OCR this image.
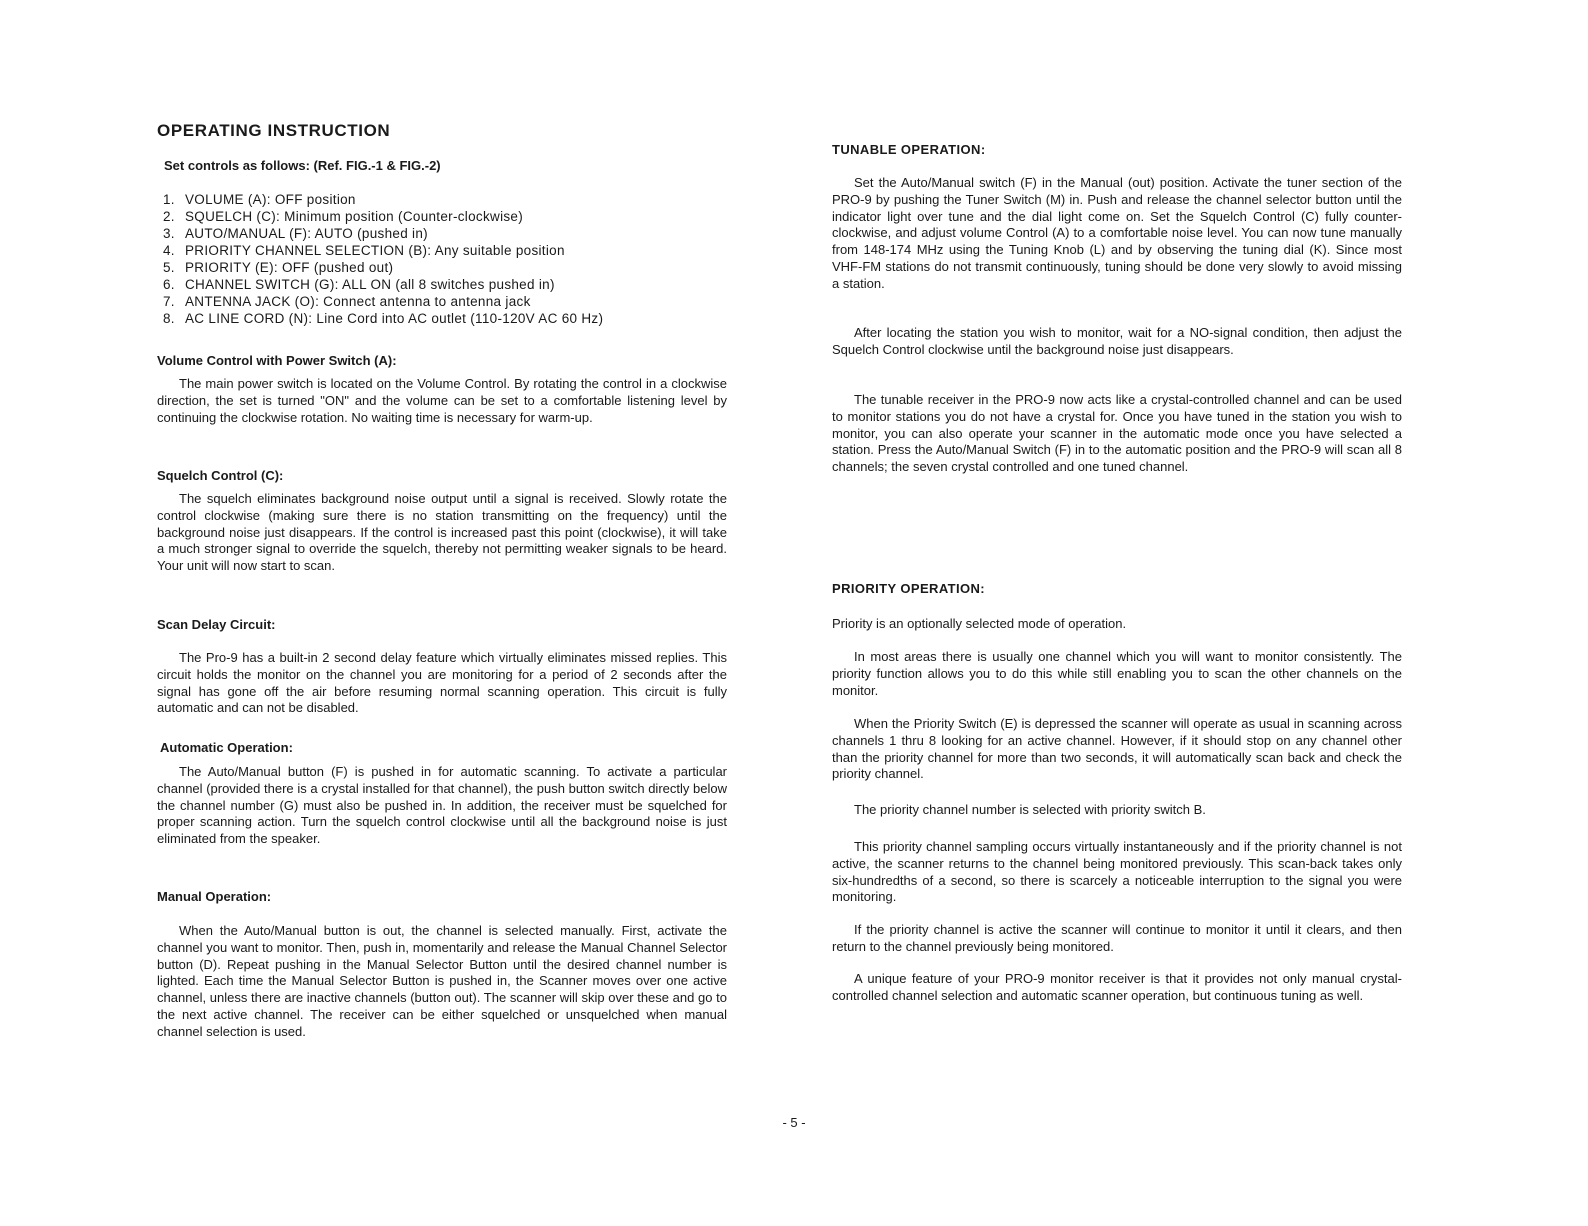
OPERATING INSTRUCTION

Set controls as follows: (Ref. FIG.-1 & FIG.-2)

1. VOLUME (A): OFF position
2. SQUELCH (C): Minimum position (Counter-clockwise)
3. AUTO/MANUAL (F): AUTO (pushed in)
4. PRIORITY CHANNEL SELECTION (B): Any suitable position
5. PRIORITY (E): OFF (pushed out)
6. CHANNEL SWITCH (G): ALL ON (all 8 switches pushed in)
7. ANTENNA JACK (O): Connect antenna to antenna jack
8. AC LINE CORD (N): Line Cord into AC outlet (110-120V AC 60 Hz)
Volume Control with Power Switch (A):

The main power switch is located on the Volume Control. By rotating the control in a clockwise direction, the set is turned "ON" and the volume can be set to a comfortable listening level by continuing the clockwise rotation. No waiting time is necessary for warm-up.

Squelch Control (C):

The squelch eliminates background noise output until a signal is received. Slowly rotate the control clockwise (making sure there is no station transmitting on the frequency) until the background noise just disappears. If the control is increased past this point (clockwise), it will take a much stronger signal to override the squelch, thereby not permitting weaker signals to be heard. Your unit will now start to scan.

Scan Delay Circuit:

The Pro-9 has a built-in 2 second delay feature which virtually eliminates missed replies. This circuit holds the monitor on the channel you are monitoring for a period of 2 seconds after the signal has gone off the air before resuming normal scanning operation. This circuit is fully automatic and can not be disabled.

Automatic Operation:

The Auto/Manual button (F) is pushed in for automatic scanning. To activate a particular channel (provided there is a crystal installed for that channel), the push button switch directly below the channel number (G) must also be pushed in. In addition, the receiver must be squelched for proper scanning action. Turn the squelch control clockwise until all the background noise is just eliminated from the speaker.

Manual Operation:

When the Auto/Manual button is out, the channel is selected manually. First, activate the channel you want to monitor. Then, push in, momentarily and release the Manual Channel Selector button (D). Repeat pushing in the Manual Selector Button until the desired channel number is lighted. Each time the Manual Selector Button is pushed in, the Scanner moves over one active channel, unless there are inactive channels (button out). The scanner will skip over these and go to the next active channel. The receiver can be either squelched or unsquelched when manual channel selection is used.

TUNABLE OPERATION:

Set the Auto/Manual switch (F) in the Manual (out) position. Activate the tuner section of the PRO-9 by pushing the Tuner Switch (M) in. Push and release the channel selector button until the indicator light over tune and the dial light come on. Set the Squelch Control (C) fully counter-clockwise, and adjust volume Control (A) to a comfortable noise level. You can now tune manually from 148-174 MHz using the Tuning Knob (L) and by observing the tuning dial (K). Since most VHF-FM stations do not transmit continuously, tuning should be done very slowly to avoid missing a station.

After locating the station you wish to monitor, wait for a NO-signal condition, then adjust the Squelch Control clockwise until the background noise just disappears.

The tunable receiver in the PRO-9 now acts like a crystal-controlled channel and can be used to monitor stations you do not have a crystal for. Once you have tuned in the station you wish to monitor, you can also operate your scanner in the automatic mode once you have selected a station. Press the Auto/Manual Switch (F) in to the automatic position and the PRO-9 will scan all 8 channels; the seven crystal controlled and one tuned channel.

PRIORITY OPERATION:

Priority is an optionally selected mode of operation.

In most areas there is usually one channel which you will want to monitor consistently. The priority function allows you to do this while still enabling you to scan the other channels on the monitor.

When the Priority Switch (E) is depressed the scanner will operate as usual in scanning across channels 1 thru 8 looking for an active channel. However, if it should stop on any channel other than the priority channel for more than two seconds, it will automatically scan back and check the priority channel.

The priority channel number is selected with priority switch B.

This priority channel sampling occurs virtually instantaneously and if the priority channel is not active, the scanner returns to the channel being monitored previously. This scan-back takes only six-hundredths of a second, so there is scarcely a noticeable interruption to the signal you were monitoring.

If the priority channel is active the scanner will continue to monitor it until it clears, and then return to the channel previously being monitored.

A unique feature of your PRO-9 monitor receiver is that it provides not only manual crystal-controlled channel selection and automatic scanner operation, but continuous tuning as well.

- 5 -
